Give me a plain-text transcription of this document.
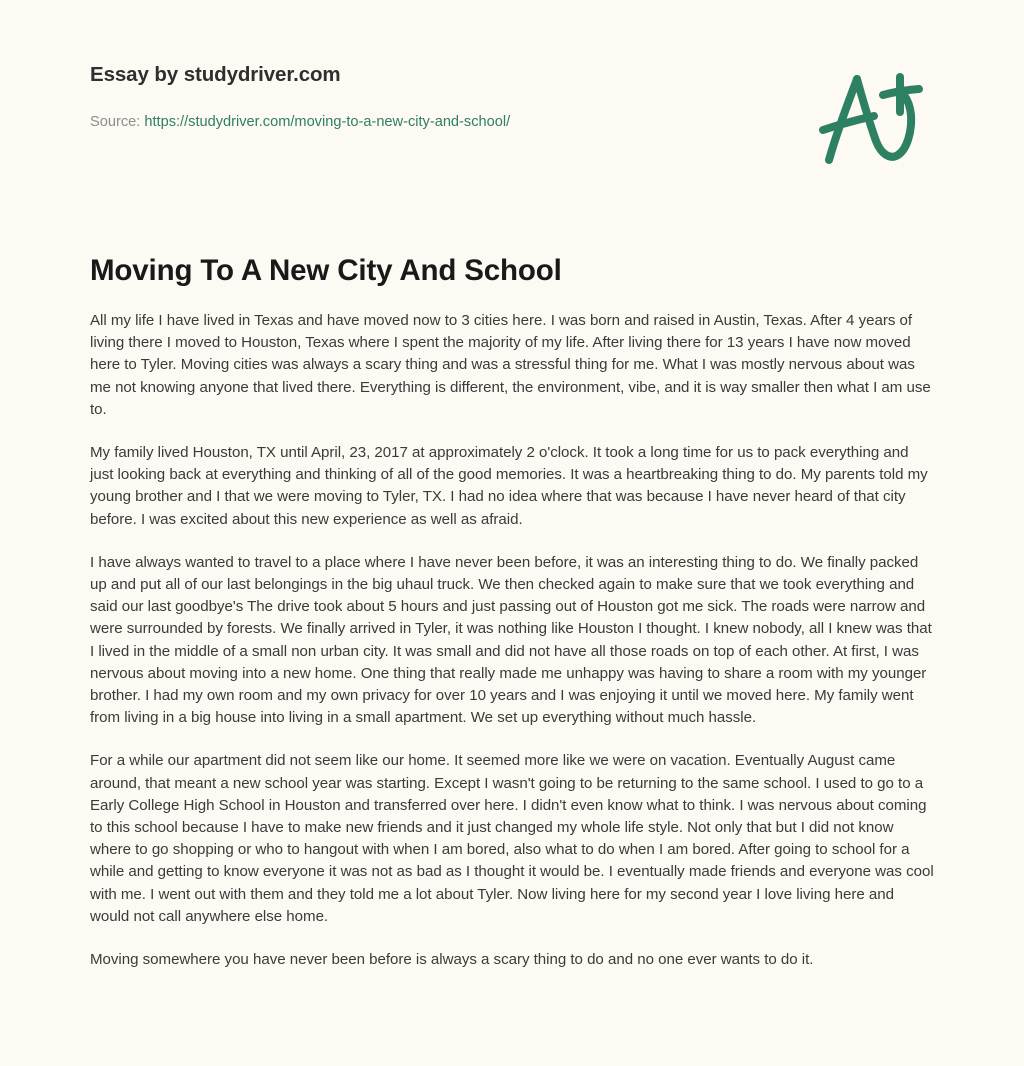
Essay by studydriver.com

Source: https://studydriver.com/moving-to-a-new-city-and-school/

Moving To A New City And School

All my life I have lived in Texas and have moved now to 3 cities here. I was born and raised in Austin, Texas. After 4 years of living there I moved to Houston, Texas where I spent the majority of my life. After living there for 13 years I have now moved here to Tyler. Moving cities was always a scary thing and was a stressful thing for me. What I was mostly nervous about was me not knowing anyone that lived there. Everything is different, the environment, vibe, and it is way smaller then what I am use to.

My family lived Houston, TX until April, 23, 2017 at approximately 2 o'clock. It took a long time for us to pack everything and just looking back at everything and thinking of all of the good memories. It was a heartbreaking thing to do. My parents told my young brother and I that we were moving to Tyler, TX. I had no idea where that was because I have never heard of that city before. I was excited about this new experience as well as afraid.

I have always wanted to travel to a place where I have never been before, it was an interesting thing to do. We finally packed up and put all of our last belongings in the big uhaul truck. We then checked again to make sure that we took everything and said our last goodbye's The drive took about 5 hours and just passing out of Houston got me sick. The roads were narrow and were surrounded by forests. We finally arrived in Tyler, it was nothing like Houston I thought. I knew nobody, all I knew was that I lived in the middle of a small non urban city. It was small and did not have all those roads on top of each other. At first, I was nervous about moving into a new home. One thing that really made me unhappy was having to share a room with my younger brother. I had my own room and my own privacy for over 10 years and I was enjoying it until we moved here. My family went from living in a big house into living in a small apartment. We set up everything without much hassle.

For a while our apartment did not seem like our home. It seemed more like we were on vacation. Eventually August came around, that meant a new school year was starting. Except I wasn't going to be returning to the same school. I used to go to a Early College High School in Houston and transferred over here. I didn't even know what to think. I was nervous about coming to this school because I have to make new friends and it just changed my whole life style. Not only that but I did not know where to go shopping or who to hangout with when I am bored, also what to do when I am bored. After going to school for a while and getting to know everyone it was not as bad as I thought it would be. I eventually made friends and everyone was cool with me. I went out with them and they told me a lot about Tyler. Now living here for my second year I love living here and would not call anywhere else home.

Moving somewhere you have never been before is always a scary thing to do and no one ever wants to do it.
